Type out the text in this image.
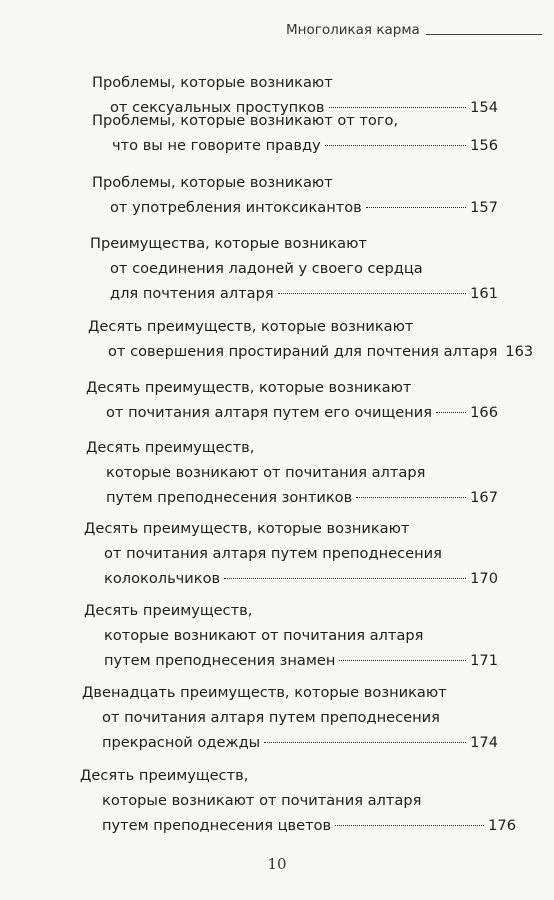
Многоликая карма
Проблемы, которые возникают
от сексуальных проступков	154
Проблемы, которые возникают от того,
что вы не говорите правду	156
Проблемы, которые возникают
от употребления интоксикантов	157
Преимущества, которые возникают
от соединения ладоней у своего сердца
для почтения алтаря	161
Десять преимуществ, которые возникают
от совершения простираний для почтения алтаря 163
Десять преимуществ, которые возникают
от почитания алтаря путем его очищения	166
Десять преимуществ,
которые возникают от почитания алтаря
путем преподнесения зонтиков	167
Десять преимуществ, которые возникают
от почитания алтаря путем преподнесения
колокольчиков	170
Десять преимуществ,
которые возникают от почитания алтаря
путем преподнесения знамен	171
Двенадцать преимуществ, которые возникают
от почитания алтаря путем преподнесения
прекрасной одежды	174
Десять преимуществ,
которые возникают от почитания алтаря
путем преподнесения цветов	176
10
